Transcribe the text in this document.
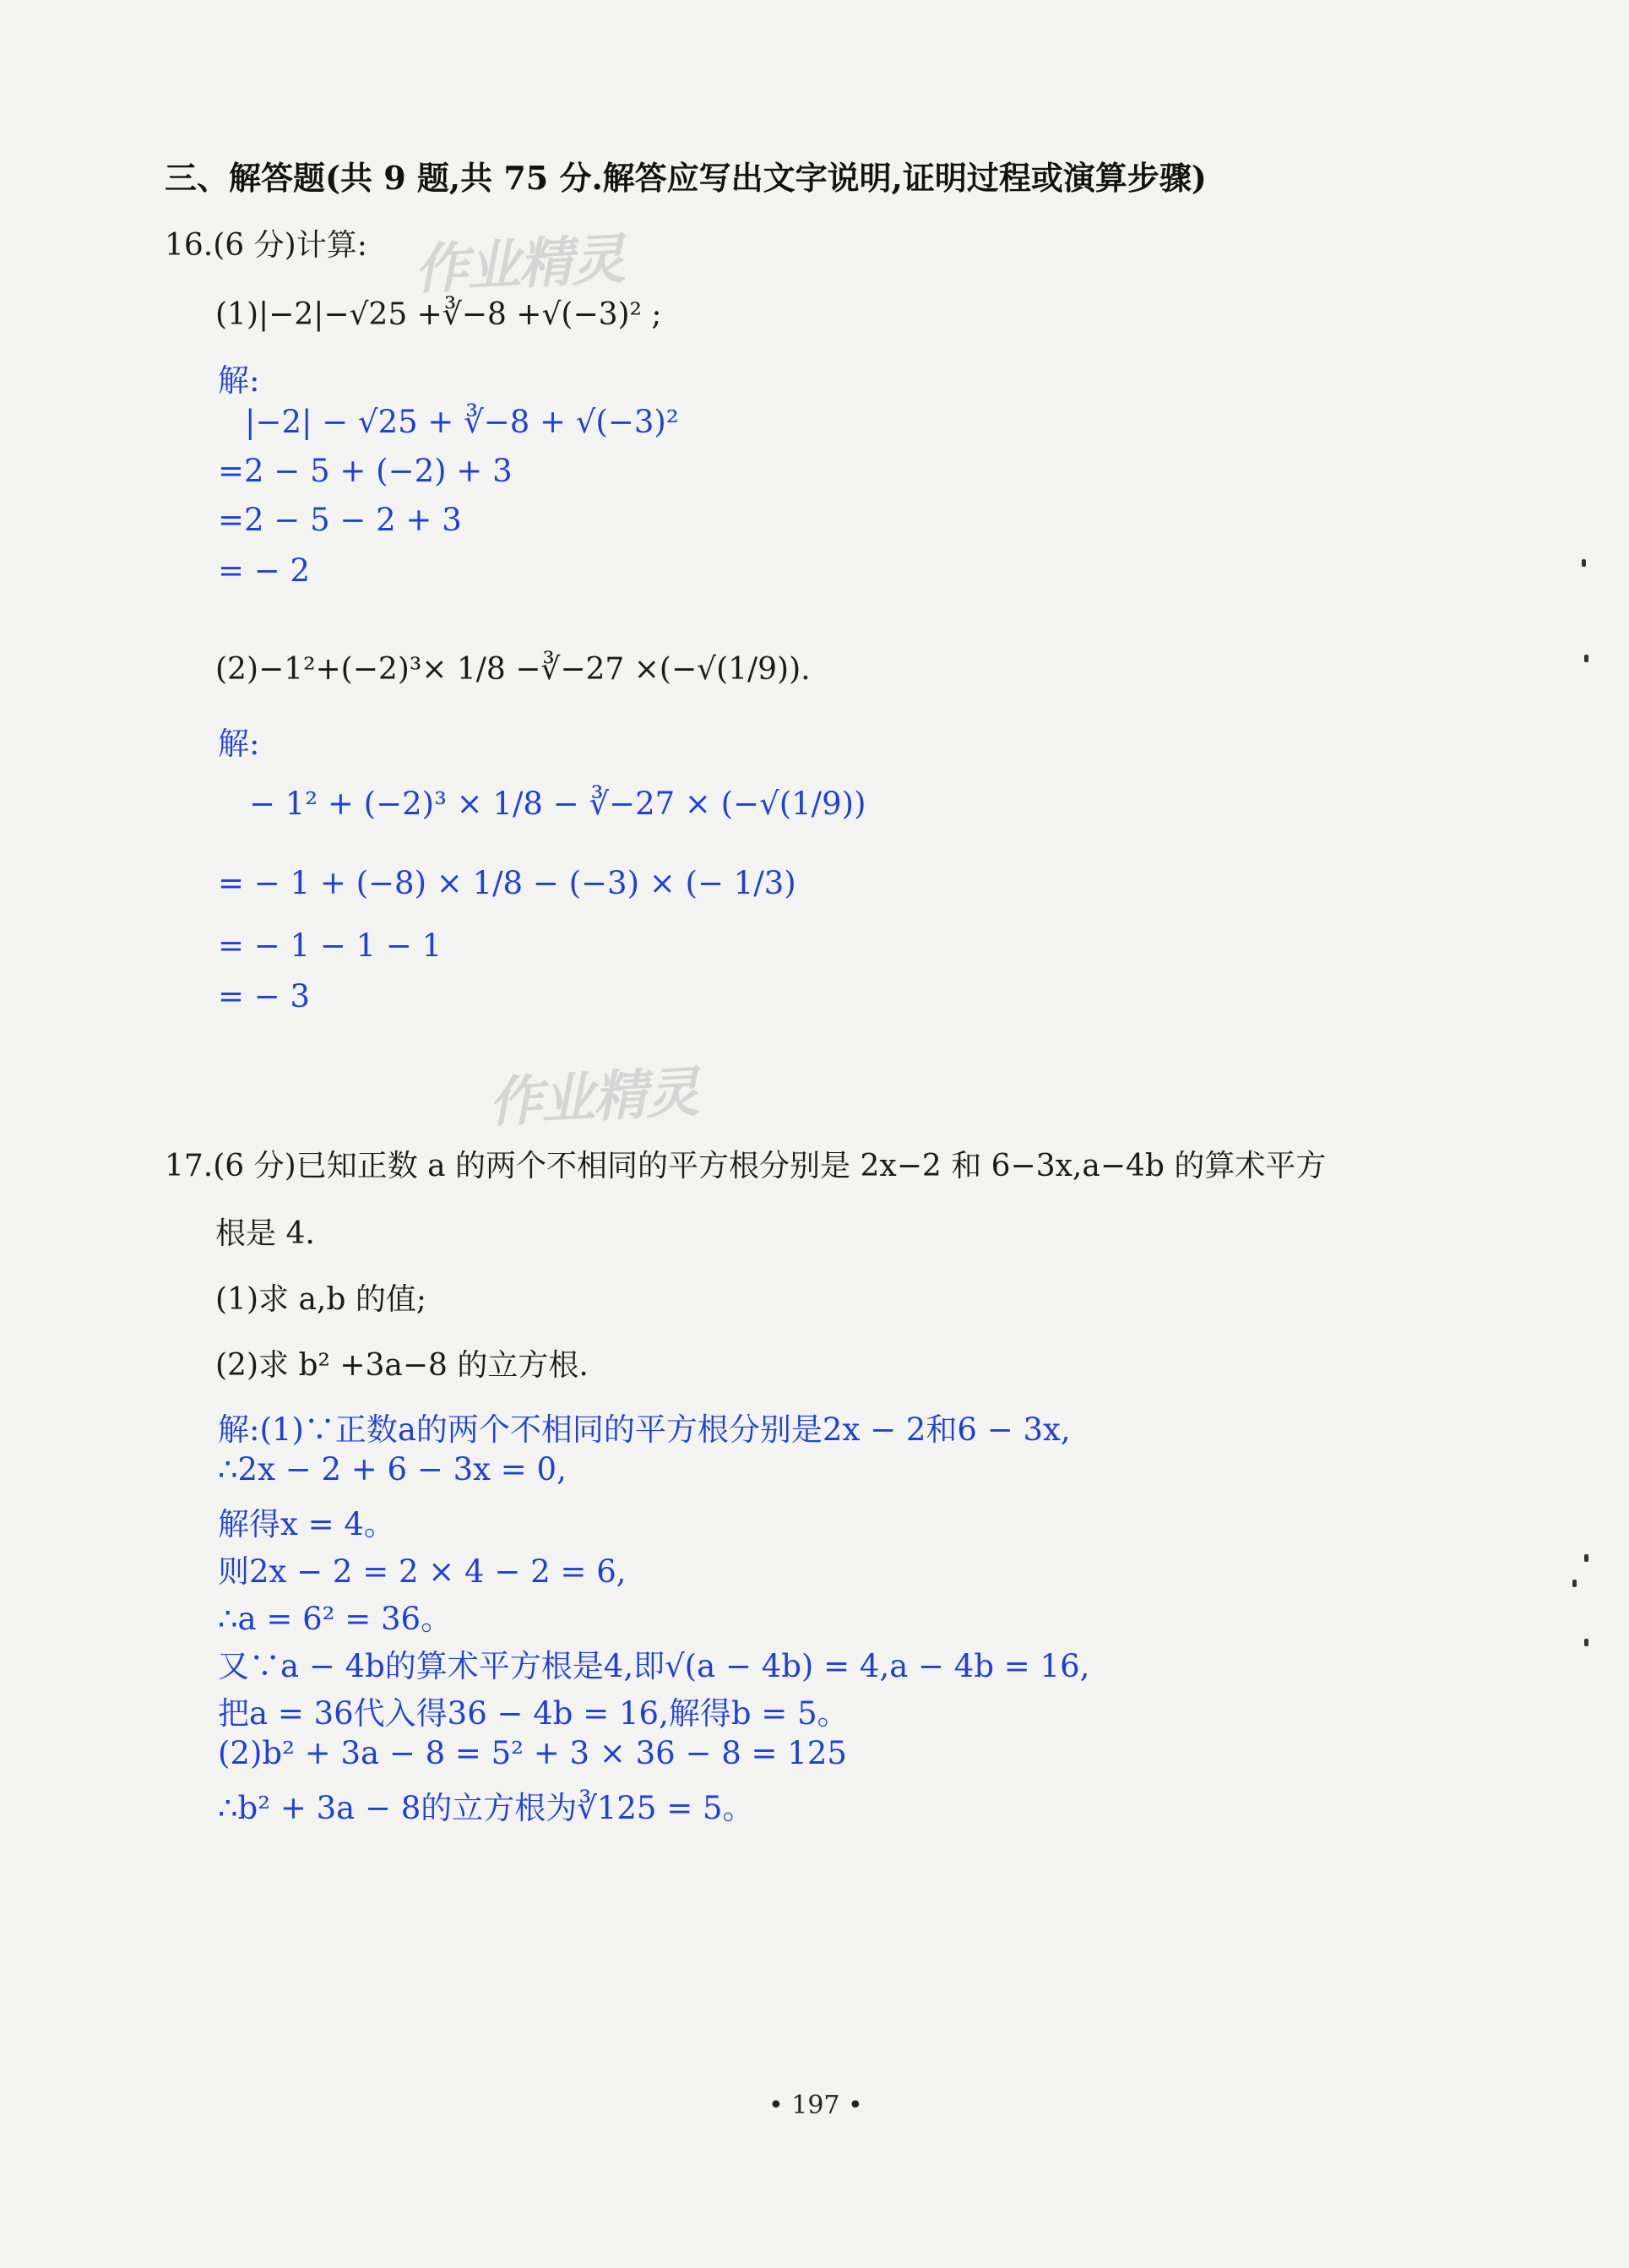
作业精灵
作业精灵
三、解答题(共 9 题,共 75 分.解答应写出文字说明,证明过程或演算步骤)
16.(6 分)计算:
(1)|−2|−√25 +∛−8 +√(−3)² ;
解:
|−2| − √25 + ∛−8 + √(−3)²
=2 − 5 + (−2) + 3
=2 − 5 − 2 + 3
= − 2
(2)−1²+(−2)³× 1/8 −∛−27 ×(−√(1/9)).
解:
− 1² + (−2)³ × 1/8 − ∛−27 × (−√(1/9))
= − 1 + (−8) × 1/8 − (−3) × (− 1/3)
= − 1 − 1 − 1
= − 3
17.(6 分)已知正数 a 的两个不相同的平方根分别是 2x−2 和 6−3x,a−4b 的算术平方
根是 4.
(1)求 a,b 的值;
(2)求 b² +3a−8 的立方根.
解:(1)∵正数a的两个不相同的平方根分别是2x − 2和6 − 3x,
∴2x − 2 + 6 − 3x = 0,
解得x = 4。
则2x − 2 = 2 × 4 − 2 = 6,
∴a = 6² = 36。
又∵a − 4b的算术平方根是4,即√(a − 4b) = 4,a − 4b = 16,
把a = 36代入得36 − 4b = 16,解得b = 5。
(2)b² + 3a − 8 = 5² + 3 × 36 − 8 = 125
∴b² + 3a − 8的立方根为∛125 = 5。
• 197 •
